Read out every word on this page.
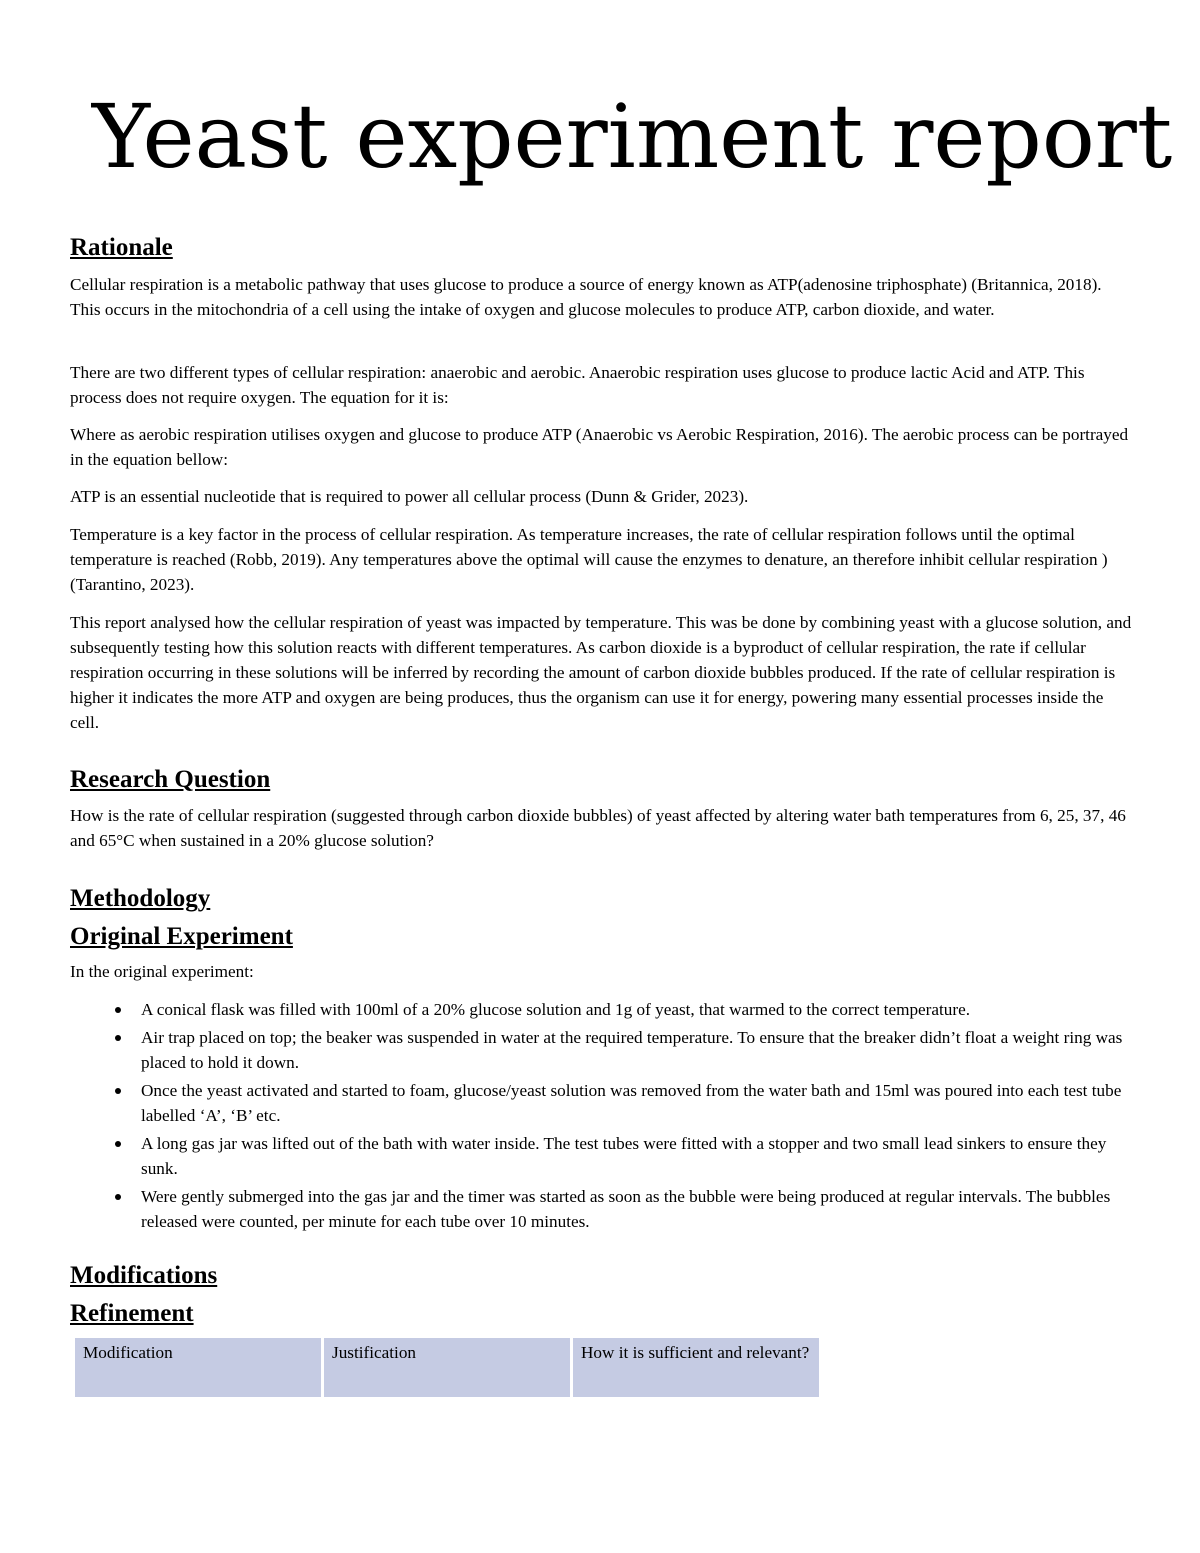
Yeast experiment report
Rationale

Cellular respiration is a metabolic pathway that uses glucose to produce a source of energy known as ATP(adenosine triphosphate) (Britannica, 2018). This occurs in the mitochondria of a cell using the intake of oxygen and glucose molecules to produce ATP, carbon dioxide, and water.

There are two different types of cellular respiration: anaerobic and aerobic. Anaerobic respiration uses glucose to produce lactic Acid and ATP. This process does not require oxygen. The equation for it is:

Where as aerobic respiration utilises oxygen and glucose to produce ATP (Anaerobic vs Aerobic Respiration, 2016). The aerobic process can be portrayed in the equation bellow:

ATP is an essential nucleotide that is required to power all cellular process (Dunn & Grider, 2023).

Temperature is a key factor in the process of cellular respiration. As temperature increases, the rate of cellular respiration follows until the optimal temperature is reached (Robb, 2019). Any temperatures above the optimal will cause the enzymes to denature, an therefore inhibit cellular respiration )(Tarantino, 2023).

This report analysed how the cellular respiration of yeast was impacted by temperature. This was be done by combining yeast with a glucose solution, and subsequently testing how this solution reacts with different temperatures. As carbon dioxide is a byproduct of cellular respiration, the rate if cellular respiration occurring in these solutions will be inferred by recording the amount of carbon dioxide bubbles produced. If the rate of cellular respiration is higher it indicates the more ATP and oxygen are being produces, thus the organism can use it for energy, powering many essential processes inside the cell.

Research Question

How is the rate of cellular respiration (suggested through carbon dioxide bubbles) of yeast affected by altering water bath temperatures from 6, 25, 37, 46 and 65°C when sustained in a 20% glucose solution?

Methodology
Original Experiment

In the original experiment:

A conical flask was filled with 100ml of a 20% glucose solution and 1g of yeast, that warmed to the correct temperature.
Air trap placed on top; the beaker was suspended in water at the required temperature. To ensure that the breaker didn’t float a weight ring was placed to hold it down.
Once the yeast activated and started to foam, glucose/yeast solution was removed from the water bath and 15ml was poured into each test tube labelled ‘A’, ‘B’ etc.
A long gas jar was lifted out of the bath with water inside. The test tubes were fitted with a stopper and two small lead sinkers to ensure they sunk.
Were gently submerged into the gas jar and the timer was started as soon as the bubble were being produced at regular intervals. The bubbles released were counted, per minute for each tube over 10 minutes.
Modifications
Refinement
Modification	Justification	How it is sufficient and relevant?
